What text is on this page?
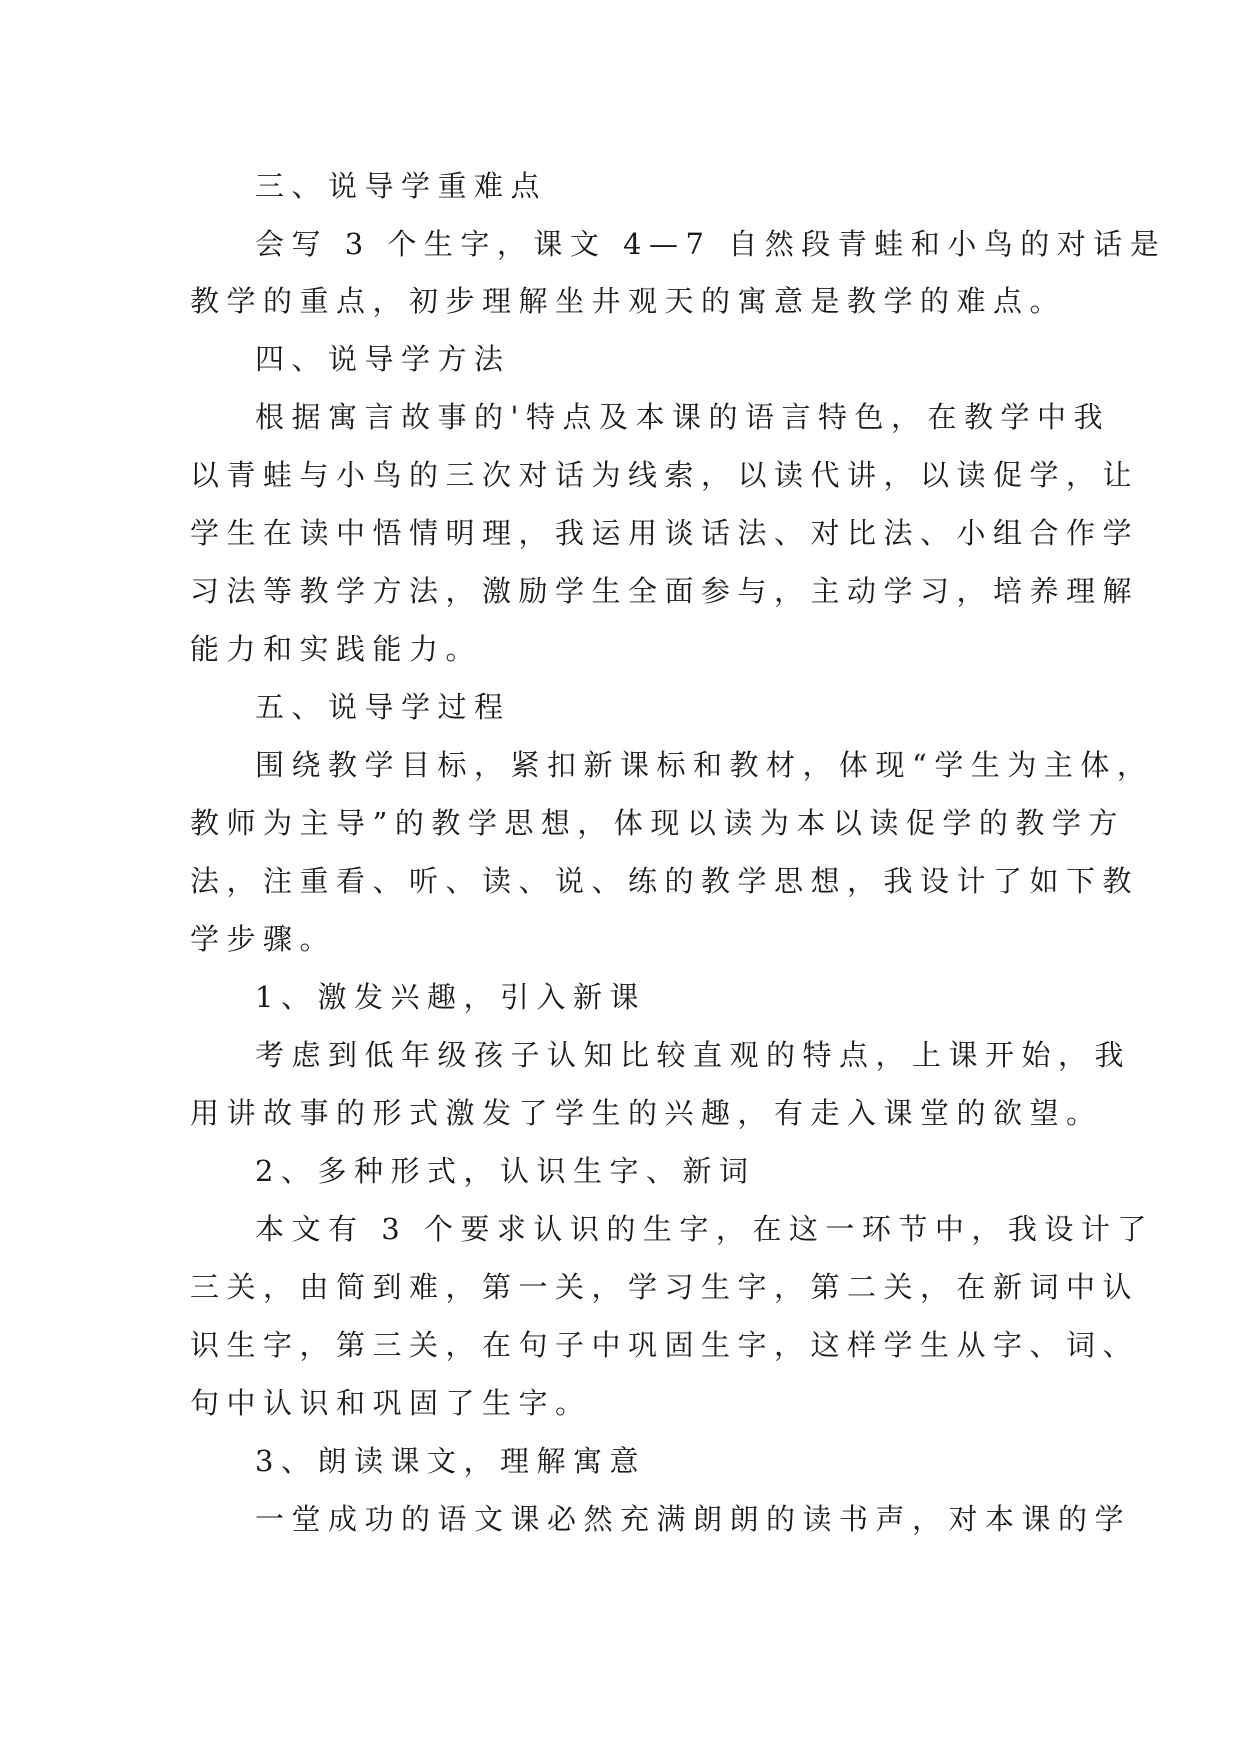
三、说导学重难点
会写 3 个生字，课文 4—7 自然段青蛙和小鸟的对话是
教学的重点，初步理解坐井观天的寓意是教学的难点。
四、说导学方法
根据寓言故事的'特点及本课的语言特色，在教学中我
以青蛙与小鸟的三次对话为线索，以读代讲，以读促学，让
学生在读中悟情明理，我运用谈话法、对比法、小组合作学
习法等教学方法，激励学生全面参与，主动学习，培养理解
能力和实践能力。
五、说导学过程
围绕教学目标，紧扣新课标和教材，体现“学生为主体，
教师为主导”的教学思想，体现以读为本以读促学的教学方
法，注重看、听、读、说、练的教学思想，我设计了如下教
学步骤。
1、激发兴趣，引入新课
考虑到低年级孩子认知比较直观的特点，上课开始，我
用讲故事的形式激发了学生的兴趣，有走入课堂的欲望。
2、多种形式，认识生字、新词
本文有 3 个要求认识的生字，在这一环节中，我设计了
三关，由简到难，第一关，学习生字，第二关，在新词中认
识生字，第三关，在句子中巩固生字，这样学生从字、词、
句中认识和巩固了生字。
3、朗读课文，理解寓意
一堂成功的语文课必然充满朗朗的读书声，对本课的学
